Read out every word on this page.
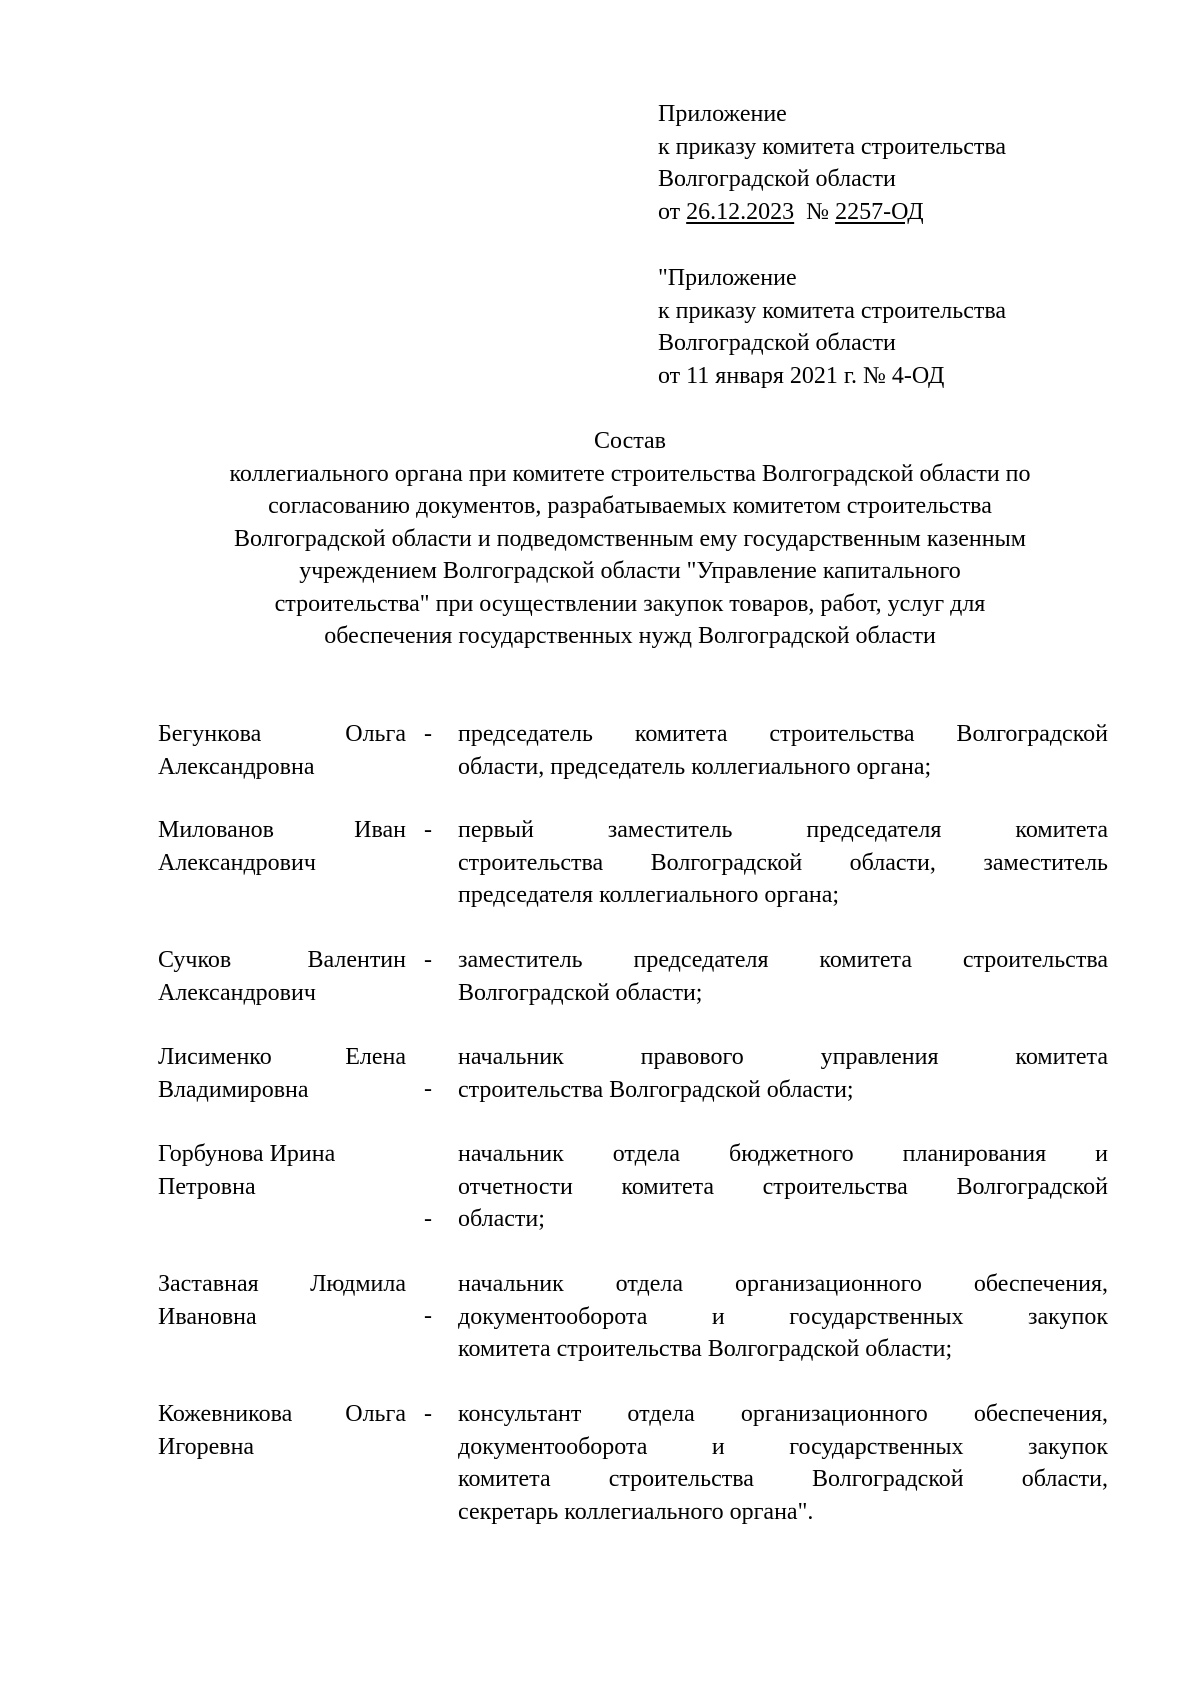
Приложение
к приказу комитета строительства
Волгоградской области
от 26.12.2023 № 2257-ОД
"Приложение
к приказу комитета строительства
Волгоградской области
от 11 января 2021 г. № 4-ОД
Состав
коллегиального органа при комитете строительства Волгоградской области по
согласованию документов, разрабатываемых комитетом строительства
Волгоградской области и подведомственным ему государственным казенным
учреждением Волгоградской области "Управление капитального
строительства" при осуществлении закупок товаров, работ, услуг для
обеспечения государственных нужд Волгоградской области
Бегункова Ольга
Александровна
- председатель комитета строительства Волгоградской
области, председатель коллегиального органа;
Милованов Иван
Александрович
- первый заместитель председателя комитета
строительства Волгоградской области, заместитель
председателя коллегиального органа;
Сучков Валентин
Александрович
- заместитель председателя комитета строительства
Волгоградской области;
Лисименко Елена
Владимировна	-
начальник правового управления комитета
строительства Волгоградской области;
Горбунова Ирина
Петровна
-
начальник отдела бюджетного планирования и
отчетности комитета строительства Волгоградской
области;
Заставная Людмила
Ивановна	-
начальник отдела организационного обеспечения,
документооборота и государственных закупок
комитета строительства Волгоградской области;
Кожевникова Ольга
Игоревна
- консультант отдела организационного обеспечения,
документооборота и государственных закупок
комитета строительства Волгоградской области,
секретарь коллегиального органа".
